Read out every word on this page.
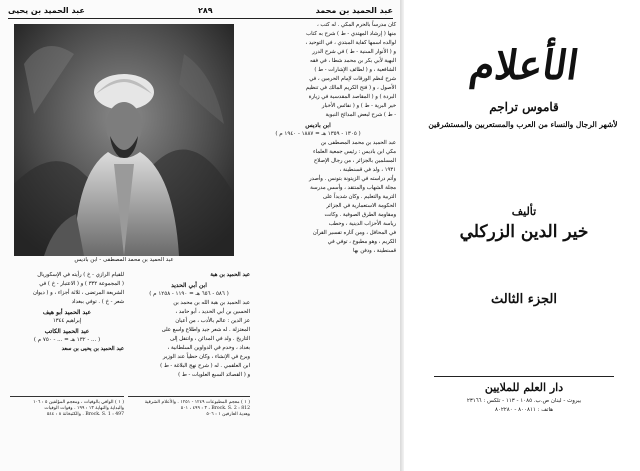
عبد الحميد بن محمد
٢٨٩
عبد الحميد بن يحيى
عبد الحميد بن محمد المصطفى - ابن باديس

كان مدرساً بالحرم المكي . له كتب ،

منها ( إرشاد المهتدي - ط ) شرح به كتاب

لوالده اسمها كفاية المبتدي ، في التوحيد ،

و ( الأنوار السنية - ط ) في شرح الدرر

البهية لأبي بكر بن محمد شطا ، في فقه

الشافعية ، و ( لطائف الإشارات - ط )

شرح لنظم الورقات لإمام الحرمين ، في

الأصول ، و ( فتح الكريم المالك في تنظيم

البردة ) و ( المقاصد المقدسية في زيارة

خير البرية - ط ) و ( نفائس الأخبار

- ط ) شرح لبعض المدائح النبوية

ابن باديس
( ١٣٠٥ - ١٣٥٩ هـ = ١٨٨٧ - ١٩٤٠ م )

عبد الحميد بن محمد المصطفى بن

مكي ابن باديس : رئيس جمعية العلماء

المسلمين بالجزائر ، من رجال الإصلاح

١٩٣١ ، ولد في قسنطينة ،

وأتم دراسته في الزيتونة بتونس . وأصدر

مجلة الشهاب والمنتقد ، وأسس مدرسة

التربية والتعليم . وكان شديداً على

الحكومة الاستعمارية في الجزائر

ومقاومة الطرق الصوفية . وكانت

رياسة الأحزاب الدينية ، وخطب

في المحافل ، ومن آثاره تفسير القرآن

الكريم ، وهو مطبوع ، توفي في

قسنطينة ، ودفن بها

عبد الحميد بن هبة

ابن أبي الحديد
( ٥٨٦ - ٦٥٦ هـ = ١١٩٠ - ١٢٥٨ م )

عبد الحميد بن هبة الله بن محمد بن

الحسين بن أبي الحديد ، أبو حامد ،

عز الدين : عالم بالأدب ، من أعيان

المعتزلة . له شعر جيد واطلاع واسع على

التاريخ . ولد في المدائن ، وانتقل إلى

بغداد ، وخدم في الدواوين السلطانية ،

وبرع في الإنشاء ، وكان حظياً عند الوزير

ابن العلقمي . له ( شرح نهج البلاغة - ط )

و ( القصائد السبع العلويات - ط )

للقيام الرازي - خ ) رأيته في الإسكوريال

( المجموعة ٣٣٢ ) و ( الاعتبار - خ ) في

الشريعة المرتضى ، ثلاثة أجزاء ، و ( ديوان

شعر - خ ) . توفي ببغداد

عبد الحميد أبو هيف

إبراهيم ١٣٤٤

عبد الحميد الكاتب
( ... - ١٣٢ هـ = ... - ٧٥٠ م )

عبد الحميد بن يحيى بن سعد

( ١ ) معجم المطبوعات ١٢٤٩ - ١٢٥١ . والأعلام الشرقية
Brock. S. 2 : 812 ، ٣ : ٤٩٩ ، ٥٠١
وهدية العارفين ١ : ٥٠٦
( ١ ) الوافي بالوفيات ، ومعجم المؤلفين ٥ : ١٠٦
والبداية والنهاية ١٣ : ١٩٩ . وفوات الوفيات
Brock. S. 1 : 497 . والكتبخانة ٨ : ٥٤٤
الأعلام
قاموس تراجم
لأشهر الرجال والنساء من العرب والمستعربين والمستشرقين
تأليف
خير الدين الزركلي
الجزء الثالث
دار العلم للملايين
بيروت - لبنان ص.ب. ١٠٨٥ - ١١٣ - تلكس : ٢٣١٦٦
هاتف : ٨٠٠٨١١ - ٨٠٢٢٨٠
